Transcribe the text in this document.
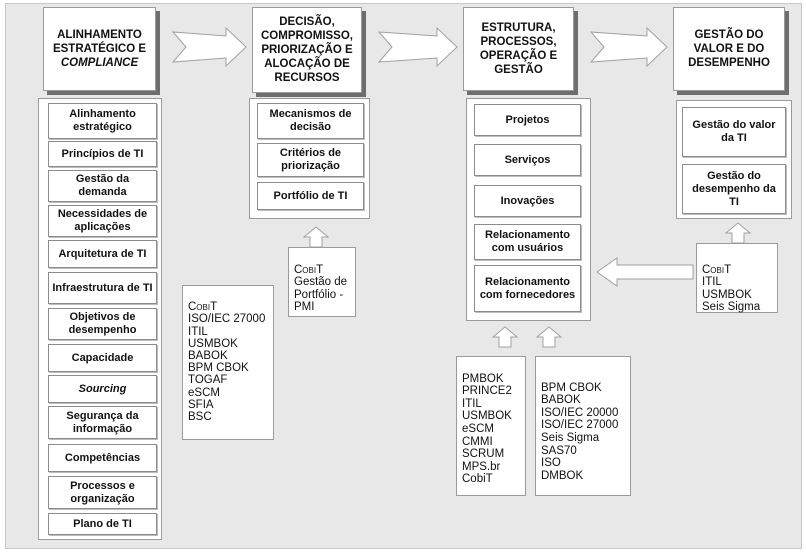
ALINHAMENTO
ESTRATÉGICO E
COMPLIANCE
DECISÃO, COMPROMISSO, PRIORIZAÇÃO E ALOCAÇÃO DE RECURSOS
ESTRUTURA, PROCESSOS, OPERAÇÃO E GESTÃO
GESTÃO DO VALOR E DO DESEMPENHO
Alinhamento estratégico
Princípios de TI
Gestão da demanda
Necessidades de aplicações
Arquitetura de TI
Infraestrutura de TI
Objetivos de desempenho
Capacidade
Sourcing
Segurança da informação
Competências
Processos e organização
Plano de TI
Mecanismos de decisão
Critérios de priorização
Portfólio de TI
Projetos
Serviços
Inovações
Relacionamento com usuários
Relacionamento com fornecedores
Gestão do valor da TI
Gestão do desempenho da TI

CobiT
ISO/IEC 27000
ITIL
USMBOK
BABOK
BPM CBOK
TOGAF
eSCM
SFIA
BSC

CobiT
Gestão de
Portfólio -
PMI

PMBOK
PRINCE2
ITIL
USMBOK
eSCM
CMMI
SCRUM
MPS.br
CobiT

BPM CBOK
BABOK
ISO/IEC 20000
ISO/IEC 27000
Seis Sigma
SAS70
ISO
DMBOK

CobiT
ITIL
USMBOK
Seis Sigma
